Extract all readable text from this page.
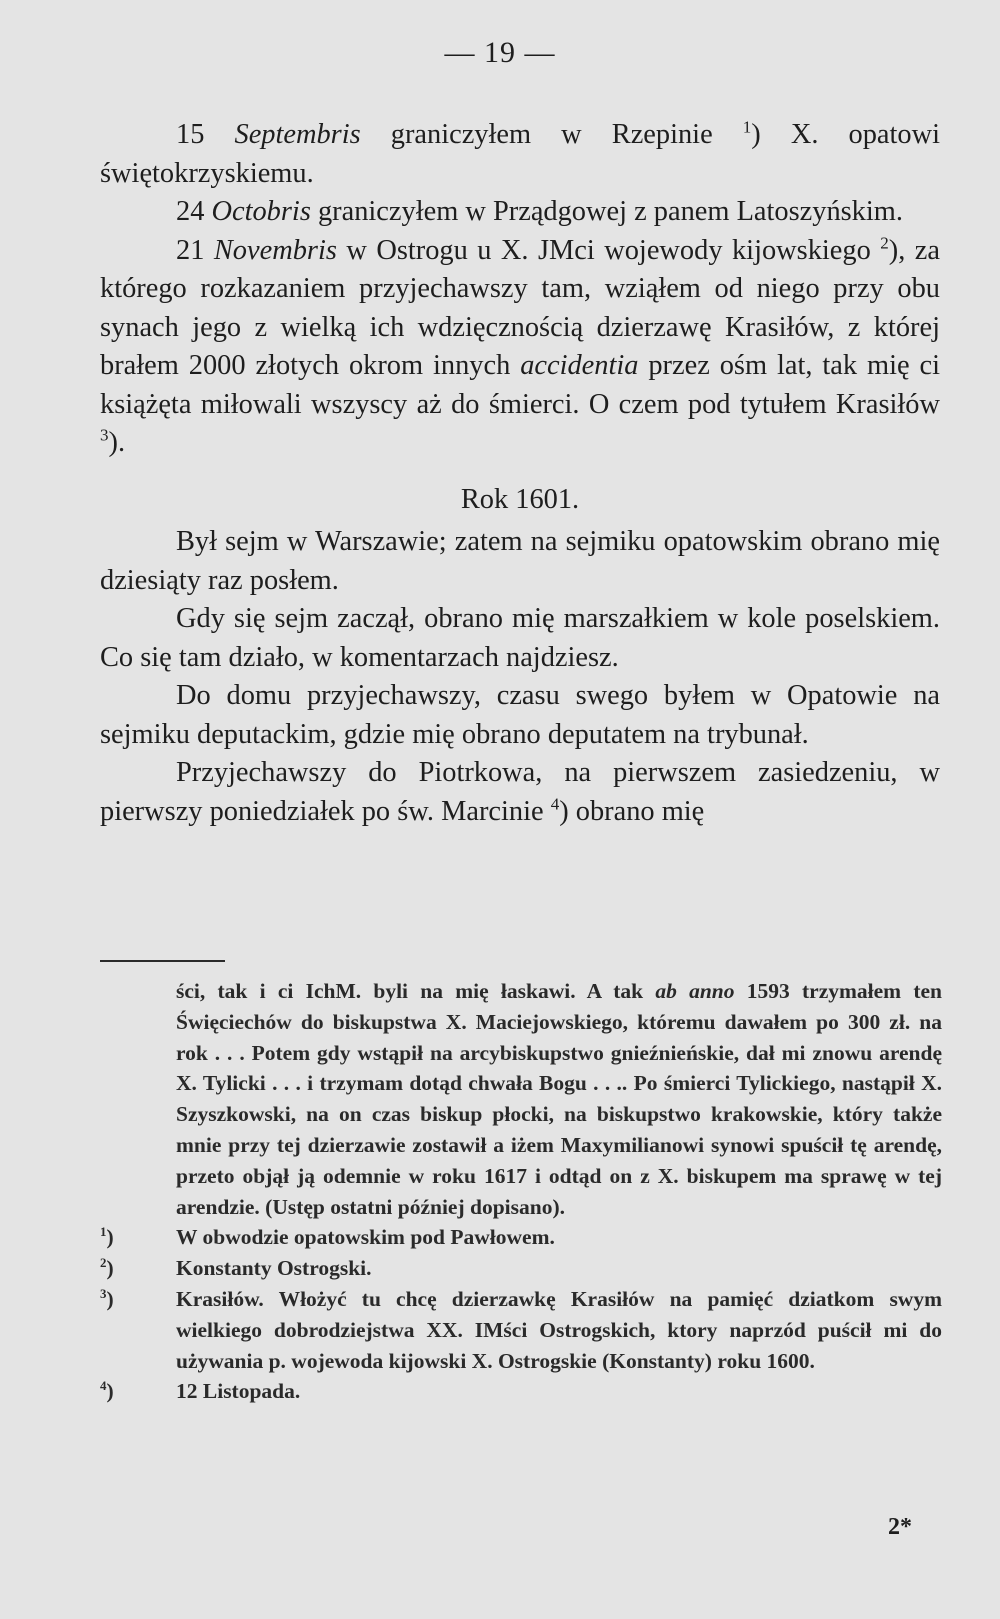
— 19 —

15 Septembris graniczyłem w Rzepinie $^1$) X. opatowi świętokrzyskiemu.

24 Octobris graniczyłem w Prządgowej z panem Latoszyńskim.

21 Novembris w Ostrogu u X. JMci wojewody kijowskiego $^2$), za którego rozkazaniem przyjechawszy tam, wziąłem od niego przy obu synach jego z wielką ich wdzięcznością dzierzawę Krasiłów, z której brałem 2000 złotych okrom innych accidentia przez ośm lat, tak mię ci książęta miłowali wszyscy aż do śmierci. O czem pod tytułem Krasiłów $^3$).

Rok 1601.

Był sejm w Warszawie; zatem na sejmiku opatowskim obrano mię dziesiąty raz posłem.

Gdy się sejm zaczął, obrano mię marszałkiem w kole poselskiem. Co się tam działo, w komentarzach najdziesz.

Do domu przyjechawszy, czasu swego byłem w Opatowie na sejmiku deputackim, gdzie mię obrano deputatem na trybunał.

Przyjechawszy do Piotrkowa, na pierwszem zasiedzeniu, w pierwszy poniedziałek po św. Marcinie $^4$) obrano mię

ści, tak i ci IchM. byli na mię łaskawi. A tak ab anno 1593 trzymałem ten Święciechów do biskupstwa X. Maciejowskiego, któremu dawałem po 300 zł. na rok . . . Potem gdy wstąpił na arcybiskupstwo gnieźnieńskie, dał mi znowu arendę X. Tylicki . . . i trzymam dotąd chwała Bogu . . .. Po śmierci Tylickiego, nastąpił X. Szyszkowski, na on czas biskup płocki, na biskupstwo krakowskie, który także mnie przy tej dzierzawie zostawił a iżem Maxymilianowi synowi spuścił tę arendę, przeto objął ją odemnie w roku 1617 i odtąd on z X. biskupem ma sprawę w tej arendzie. (Ustęp ostatni później dopisano).

$^1$)	W obwodzie opatowskim pod Pawłowem.

$^2$)	Konstanty Ostrogski.

$^3$)	Krasiłów. Włożyć tu chcę dzierzawkę Krasiłów na pamięć dziatkom swym wielkiego dobrodziejstwa XX. IMści Ostrogskich, ktory naprzód puścił mi do używania p. wojewoda kijowski X. Ostrogskie (Konstanty) roku 1600.

$^4$)	12 Listopada.

2*
